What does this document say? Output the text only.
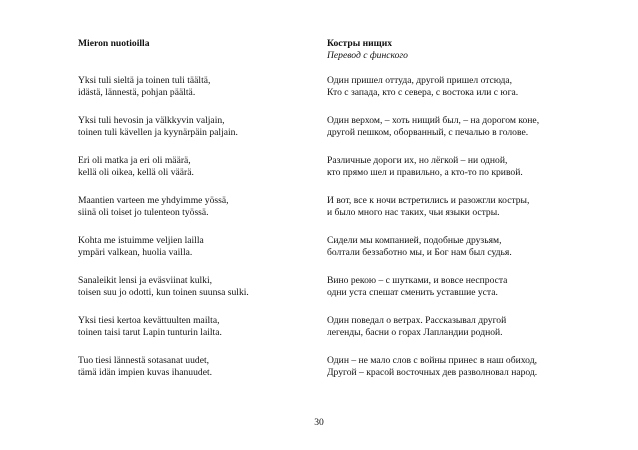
Mieron nuotioilla
Yksi tuli sieltä ja toinen tuli täältä,
idästä, lännestä, pohjan päältä.
Yksi tuli hevosin ja välkkyvin valjain,
toinen tuli kävellen ja kyynärpäin paljain.
Eri oli matka ja eri oli määrä,
kellä oli oikea, kellä oli väärä.
Maantien varteen me yhdyimme yössä,
siinä oli toiset jo tulenteon työssä.
Kohta me istuimme veljien lailla
ympäri valkean, huolia vailla.
Sanaleikit lensi ja eväsviinat kulki,
toisen suu jo odotti, kun toinen suunsa sulki.
Yksi tiesi kertoa kevättuulten mailta,
toinen taisi tarut Lapin tunturin lailta.
Tuo tiesi lännestä sotasanat uudet,
tämä idän impien kuvas ihanuudet.
Костры нищих
Перевод с финского
Один пришел оттуда, другой пришел отсюда,
Кто с запада, кто с севера, с востока или с юга.
Один верхом, – хоть нищий был, – на дорогом коне,
другой пешком, оборванный, с печалью в голове.
Различные дороги их, но лёгкой – ни одной,
кто прямо шел и правильно, а кто-то по кривой.
И вот, все к ночи встретились и разожгли костры,
и было много нас таких, чьи языки остры.
Сидели мы компанией, подобные друзьям,
болтали беззаботно мы, и Бог нам был судья.
Вино рекою – с шутками, и вовсе неспроста
одни уста спешат сменить уставшие уста.
Один поведал о ветрах. Рассказывал другой
легенды, басни о горах Лапландии родной.
Один – не мало слов с войны принес в наш обиход,
Другой – красой восточных дев разволновал народ.
30
